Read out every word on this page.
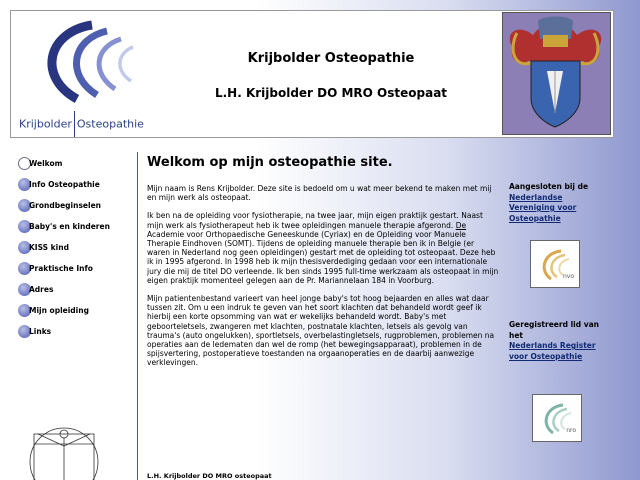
Krijbolder Osteopathie
Krijbolder Osteopathie
L.H. Krijbolder DO MRO Osteopaat
Welkom
Info Osteopathie
Grondbeginselen
Baby's en kinderen
KISS kind
Praktische Info
Adres
Mijn opleiding
Links
Welkom op mijn osteopathie site.

Mijn naam is Rens Krijbolder. Deze site is bedoeld om u wat meer bekend te maken met mij en mijn werk als osteopaat.

Ik ben na de opleiding voor fysiotherapie, na twee jaar, mijn eigen praktijk gestart. Naast mijn werk als fysiotherapeut heb ik twee opleidingen manuele therapie afgerond. De Academie voor Orthopaedische Geneeskunde (Cyriax) en de Opleiding voor Manuele Therapie Eindhoven (SOMT). Tijdens de opleiding manuele therapie ben ik in Belgie (er waren in Nederland nog geen opleidingen) gestart met de opleiding tot osteopaat. Deze heb ik in 1995 afgerond. In 1998 heb ik mijn thesisverdediging gedaan voor een internationale jury die mij de titel DO verleende. Ik ben sinds 1995 full-time werkzaam als osteopaat in mijn eigen praktijk momenteel gelegen aan de Pr. Mariannelaan 184 in Voorburg.

Mijn patientenbestand varieert van heel jonge baby's tot hoog bejaarden en alles wat daar tussen zit. Om u een indruk te geven van het soort klachten dat behandeld wordt geef ik hierbij een korte opsomming van wat er wekelijks behandeld wordt. Baby's met geboorteletsels, zwangeren met klachten, postnatale klachten, letsels als gevolg van trauma's (auto ongelukken), sportletsels, overbelastingletsels, rugproblemen, problemen na operaties aan de ledematen dan wel de romp (het bewegingsapparaat), problemen in de spijsvertering, postoperatieve toestanden na orgaanoperaties en de daarbij aanwezige verklevingen.

L.H. Krijbolder DO MRO osteopaat
Aangesloten bij de
Nederlandse Vereniging voor Osteopathie
nvo
Geregistreerd lid van het
Nederlands Register voor Osteopathie
nro
